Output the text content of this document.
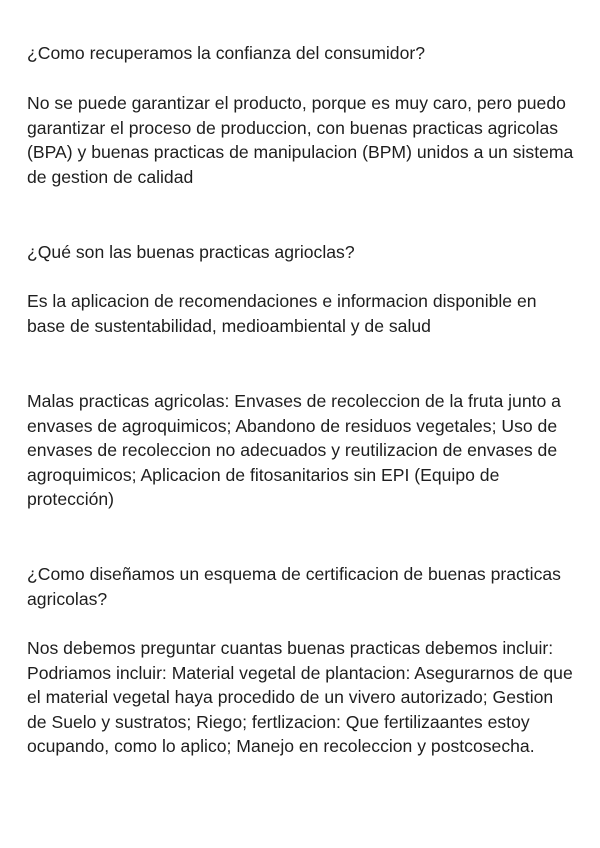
¿Como recuperamos la confianza del consumidor?
No se puede garantizar el producto, porque es muy caro, pero puedo garantizar el proceso de produccion, con buenas practicas agricolas (BPA) y buenas practicas de manipulacion (BPM) unidos a un sistema de gestion de calidad
¿Qué son las buenas practicas agrioclas?
Es la aplicacion de recomendaciones e informacion disponible en base de sustentabilidad, medioambiental y de salud
Malas practicas agricolas: Envases de recoleccion de la fruta junto a envases de agroquimicos; Abandono de residuos vegetales; Uso de envases de recoleccion no adecuados y reutilizacion de envases de agroquimicos; Aplicacion de fitosanitarios sin EPI (Equipo de protección)
¿Como diseñamos un esquema de certificacion de buenas practicas agricolas?
Nos debemos preguntar cuantas buenas practicas debemos incluir: Podriamos incluir: Material vegetal de plantacion: Asegurarnos de que el material vegetal haya procedido de un vivero autorizado; Gestion de Suelo y sustratos; Riego; fertlizacion: Que fertilizaantes estoy ocupando, como lo aplico; Manejo en recoleccion y postcosecha.
